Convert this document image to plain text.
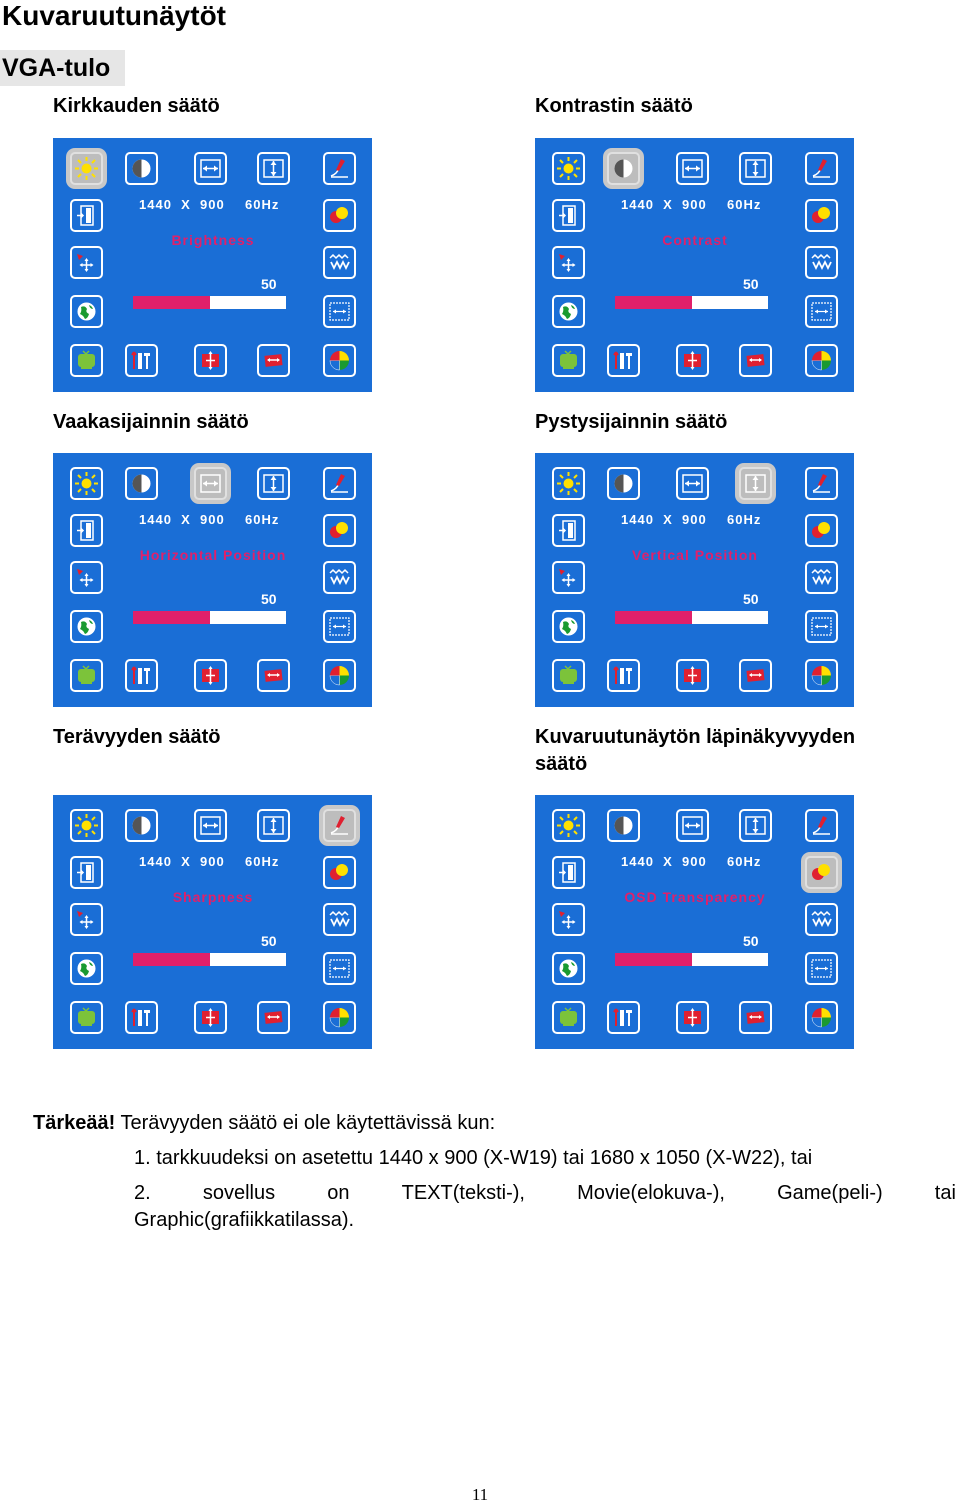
Kuvaruutunäytöt
VGA-tulo
Kirkkauden säätö
1440  X  900 60Hz
Brightness
50
Kontrastin säätö
1440  X  900 60Hz
Contrast
50
Vaakasijainnin säätö
1440  X  900 60Hz
Horizontal Position
50
Pystysijainnin säätö
1440  X  900 60Hz
Vertical Position
50
Terävyyden säätö
1440  X  900 60Hz
Sharpness
50
Kuvaruutunäytön läpinäkyvyyden
säätö
1440  X  900 60Hz
OSD Transparency
50
Tärkeää! Terävyyden säätö ei ole käytettävissä kun:
1. tarkkuudeksi on asetettu 1440 x 900 (X-W19) tai 1680 x 1050 (X-W22), tai
2.	sovellus	on	TEXT(teksti-),	Movie(elokuva-),	Game(peli-)	tai
Graphic(grafiikkatilassa).
11
